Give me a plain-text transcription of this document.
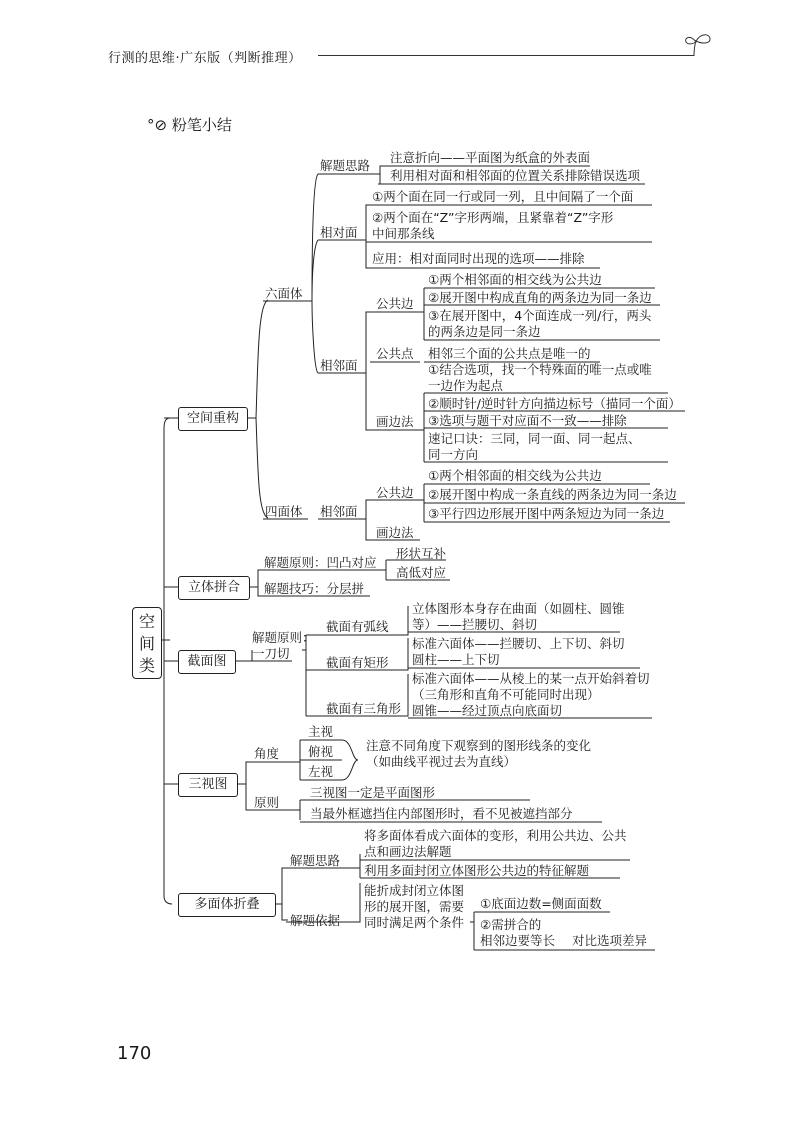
行测的思维·广东版（判断推理）
°⊘ 粉笔小结
空
间
类
空间重构
立体拼合
截面图
三视图
多面体折叠
六面体
解题思路
注意折向——平面图为纸盒的外表面
利用相对面和相邻面的位置关系排除错误选项
相对面
①两个面在同一行或同一列，且中间隔了一个面
②两个面在“Z”字形两端，且紧靠着“Z”字形
中间那条线
应用：相对面同时出现的选项——排除
相邻面
公共边
①两个相邻面的相交线为公共边
②展开图中构成直角的两条边为同一条边
③在展开图中，4个面连成一列/行，两头
的两条边是同一条边
公共点 相邻三个面的公共点是唯一的
画边法
①结合选项，找一个特殊面的唯一点或唯
一边作为起点
②顺时针/逆时针方向描边标号（描同一个面）
③选项与题干对应面不一致——排除
速记口诀：三同，同一面、同一起点、
同一方向
四面体 相邻面
公共边
①两个相邻面的相交线为公共边
②展开图中构成一条直线的两条边为同一条边
③平行四边形展开图中两条短边为同一条边
画边法
解题原则：凹凸对应
形状互补
高低对应
解题技巧：分层拼
解题原则：
一刀切
截面有弧线
立体图形本身存在曲面（如圆柱、圆锥
等）——拦腰切、斜切
截面有矩形
标准六面体——拦腰切、上下切、斜切
圆柱——上下切
截面有三角形
标准六面体——从棱上的某一点开始斜着切
（三角形和直角不可能同时出现）
圆锥——经过顶点向底面切
角度
主视
俯视
左视
注意不同角度下观察到的图形线条的变化
（如曲线平视过去为直线）
原则
三视图一定是平面图形
当最外框遮挡住内部图形时，看不见被遮挡部分
解题思路
将多面体看成六面体的变形，利用公共边、公共
点和画边法解题
利用多面封闭立体图形公共边的特征解题
解题依据
能折成封闭立体图
形的展开图，需要
同时满足两个条件
①底面边数=侧面面数
②需拼合的
相邻边要等长 对比选项差异
170
